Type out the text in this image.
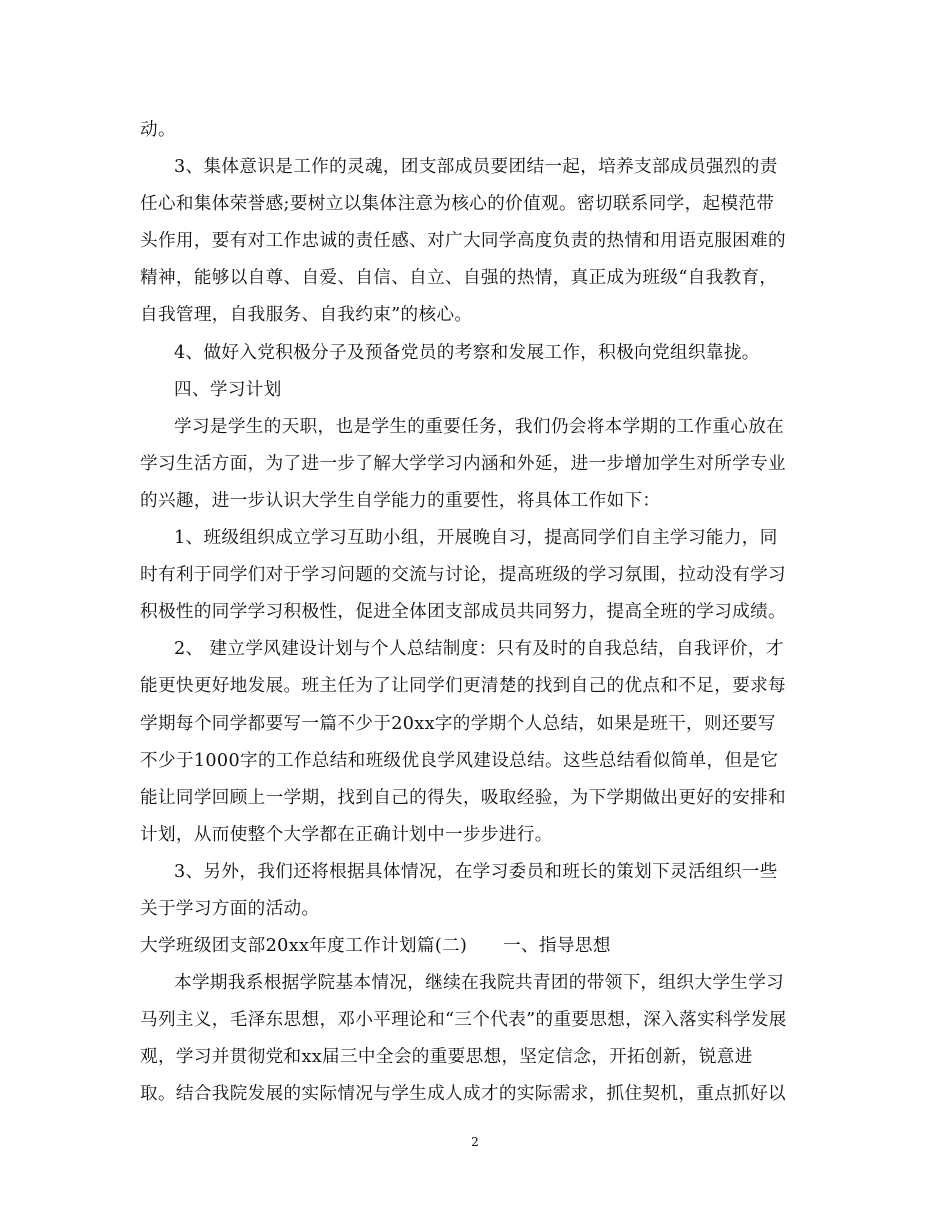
动。
3、集体意识是工作的灵魂，团支部成员要团结一起，培养支部成员强烈的责
任心和集体荣誉感;要树立以集体注意为核心的价值观。密切联系同学，起模范带
头作用，要有对工作忠诚的责任感、对广大同学高度负责的热情和用语克服困难的
精神，能够以自尊、自爱、自信、自立、自强的热情，真正成为班级“自我教育，
自我管理，自我服务、自我约束”的核心。
4、做好入党积极分子及预备党员的考察和发展工作，积极向党组织靠拢。
四、学习计划
学习是学生的天职，也是学生的重要任务，我们仍会将本学期的工作重心放在
学习生活方面，为了进一步了解大学学习内涵和外延，进一步增加学生对所学专业
的兴趣，进一步认识大学生自学能力的重要性，将具体工作如下：
1、班级组织成立学习互助小组，开展晚自习，提高同学们自主学习能力，同
时有利于同学们对于学习问题的交流与讨论，提高班级的学习氛围，拉动没有学习
积极性的同学学习积极性，促进全体团支部成员共同努力，提高全班的学习成绩。
2、 建立学风建设计划与个人总结制度：只有及时的自我总结，自我评价，才
能更快更好地发展。班主任为了让同学们更清楚的找到自己的优点和不足，要求每
学期每个同学都要写一篇不少于20xx字的学期个人总结，如果是班干，则还要写
不少于1000字的工作总结和班级优良学风建设总结。这些总结看似简单，但是它
能让同学回顾上一学期，找到自己的得失，吸取经验，为下学期做出更好的安排和
计划，从而使整个大学都在正确计划中一步步进行。
3、另外，我们还将根据具体情况，在学习委员和班长的策划下灵活组织一些
关于学习方面的活动。
大学班级团支部20xx年度工作计划篇(二)　　一、指导思想
本学期我系根据学院基本情况，继续在我院共青团的带领下，组织大学生学习
马列主义，毛泽东思想，邓小平理论和“三个代表”的重要思想，深入落实科学发展
观，学习并贯彻党和xx届三中全会的重要思想，坚定信念，开拓创新，锐意进
取。结合我院发展的实际情况与学生成人成才的实际需求，抓住契机，重点抓好以
2
